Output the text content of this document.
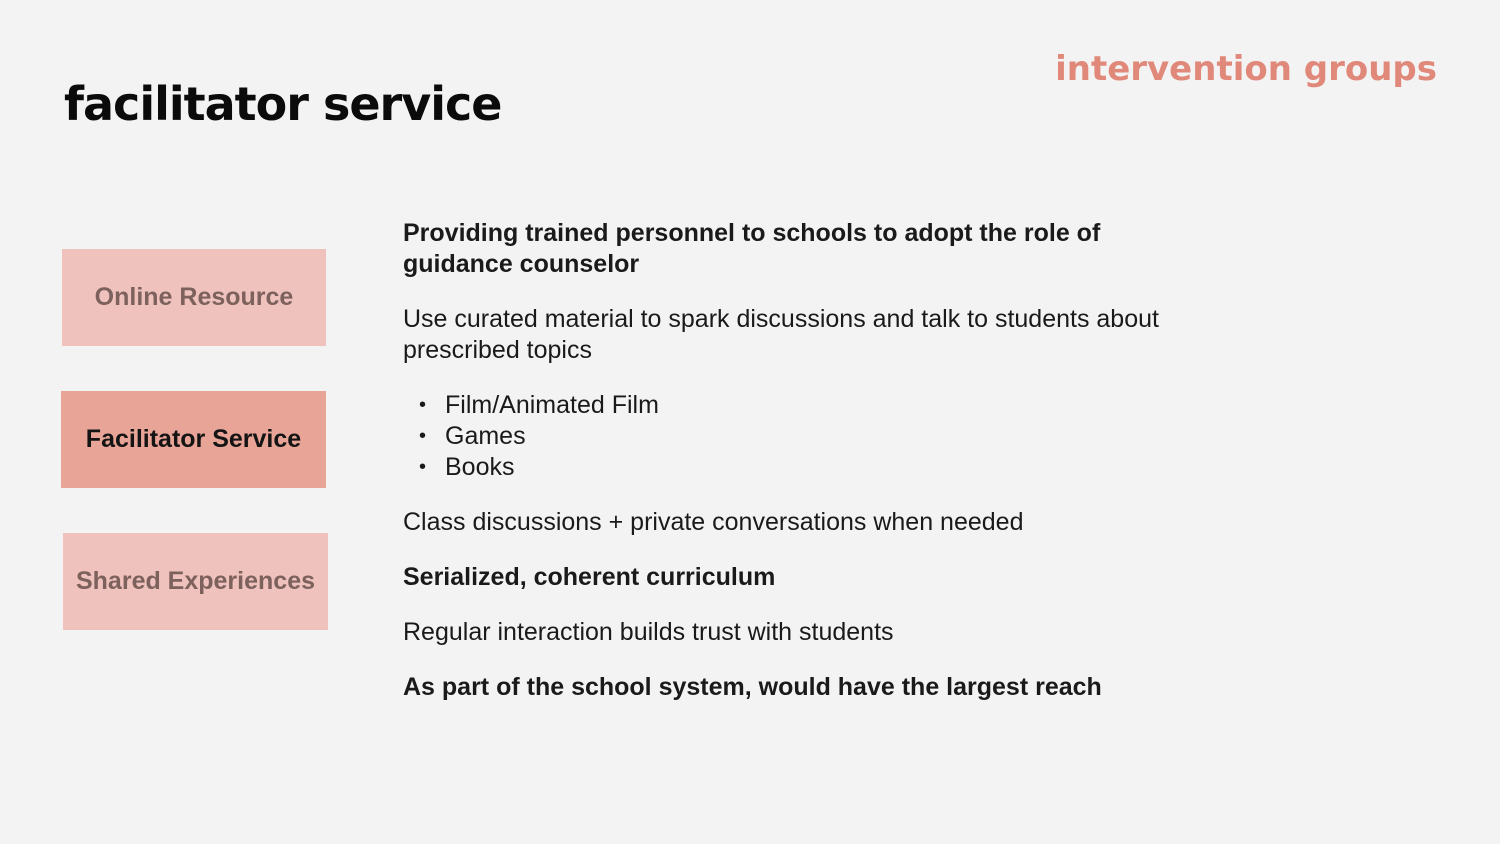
facilitator service
intervention groups
Online Resource
Facilitator Service
Shared Experiences

Providing trained personnel to schools to adopt the role of guidance counselor

Use curated material to spark discussions and talk to students about prescribed topics

• Film/Animated Film
• Games
• Books

Class discussions + private conversations when needed

Serialized, coherent curriculum

Regular interaction builds trust with students

As part of the school system, would have the largest reach
